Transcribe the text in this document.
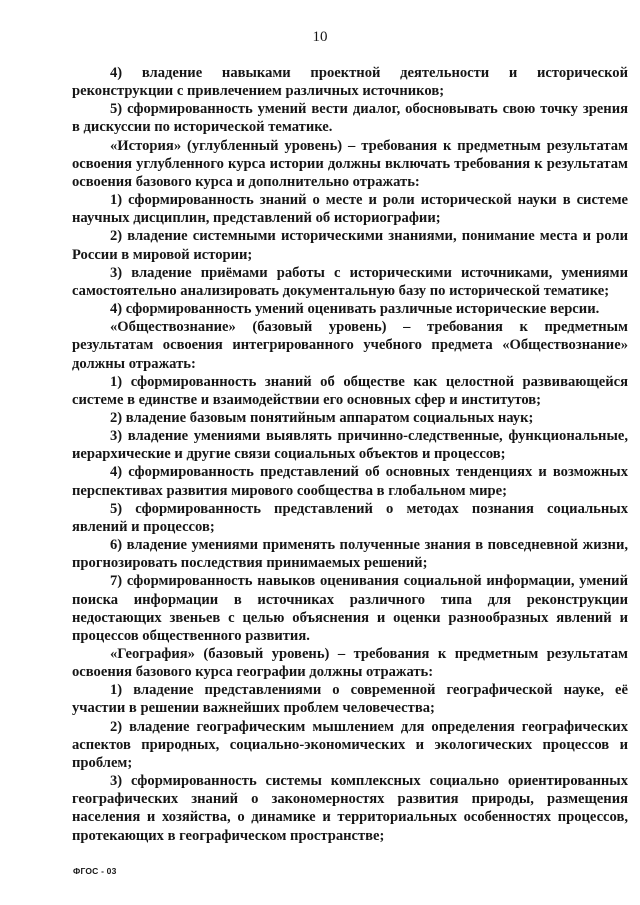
10

4) владение навыками проектной деятельности и исторической реконструкции с привлечением различных источников;

5) сформированность умений вести диалог, обосновывать свою точку зрения в дискуссии по исторической тематике.

«История» (углубленный уровень) – требования к предметным результатам освоения углубленного курса истории должны включать требования к результатам освоения базового курса и дополнительно отражать:

1) сформированность знаний о месте и роли исторической науки в системе научных дисциплин, представлений об историографии;

2) владение системными историческими знаниями, понимание места и роли России в мировой истории;

3) владение приёмами работы с историческими источниками, умениями самостоятельно анализировать документальную базу по исторической тематике;

4) сформированность умений оценивать различные исторические версии.

«Обществознание» (базовый уровень) – требования к предметным результатам освоения интегрированного учебного предмета «Обществознание» должны отражать:

1) сформированность знаний об обществе как целостной развивающейся системе в единстве и взаимодействии его основных сфер и институтов;

2) владение базовым понятийным аппаратом социальных наук;

3) владение умениями выявлять причинно-следственные, функциональные, иерархические и другие связи социальных объектов и процессов;

4) сформированность представлений об основных тенденциях и возможных перспективах развития мирового сообщества в глобальном мире;

5) сформированность представлений о методах познания социальных явлений и процессов;

6) владение умениями применять полученные знания в повседневной жизни, прогнозировать последствия принимаемых решений;

7) сформированность навыков оценивания социальной информации, умений поиска информации в источниках различного типа для реконструкции недостающих звеньев с целью объяснения и оценки разнообразных явлений и процессов общественного развития.

«География» (базовый уровень) – требования к предметным результатам освоения базового курса географии должны отражать:

1) владение представлениями о современной географической науке, её участии в решении важнейших проблем человечества;

2) владение географическим мышлением для определения географических аспектов природных, социально-экономических и экологических процессов и проблем;

3) сформированность системы комплексных социально ориентированных географических знаний о закономерностях развития природы, размещения населения и хозяйства, о динамике и территориальных особенностях процессов, протекающих в географическом пространстве;

ФГОС - 03
